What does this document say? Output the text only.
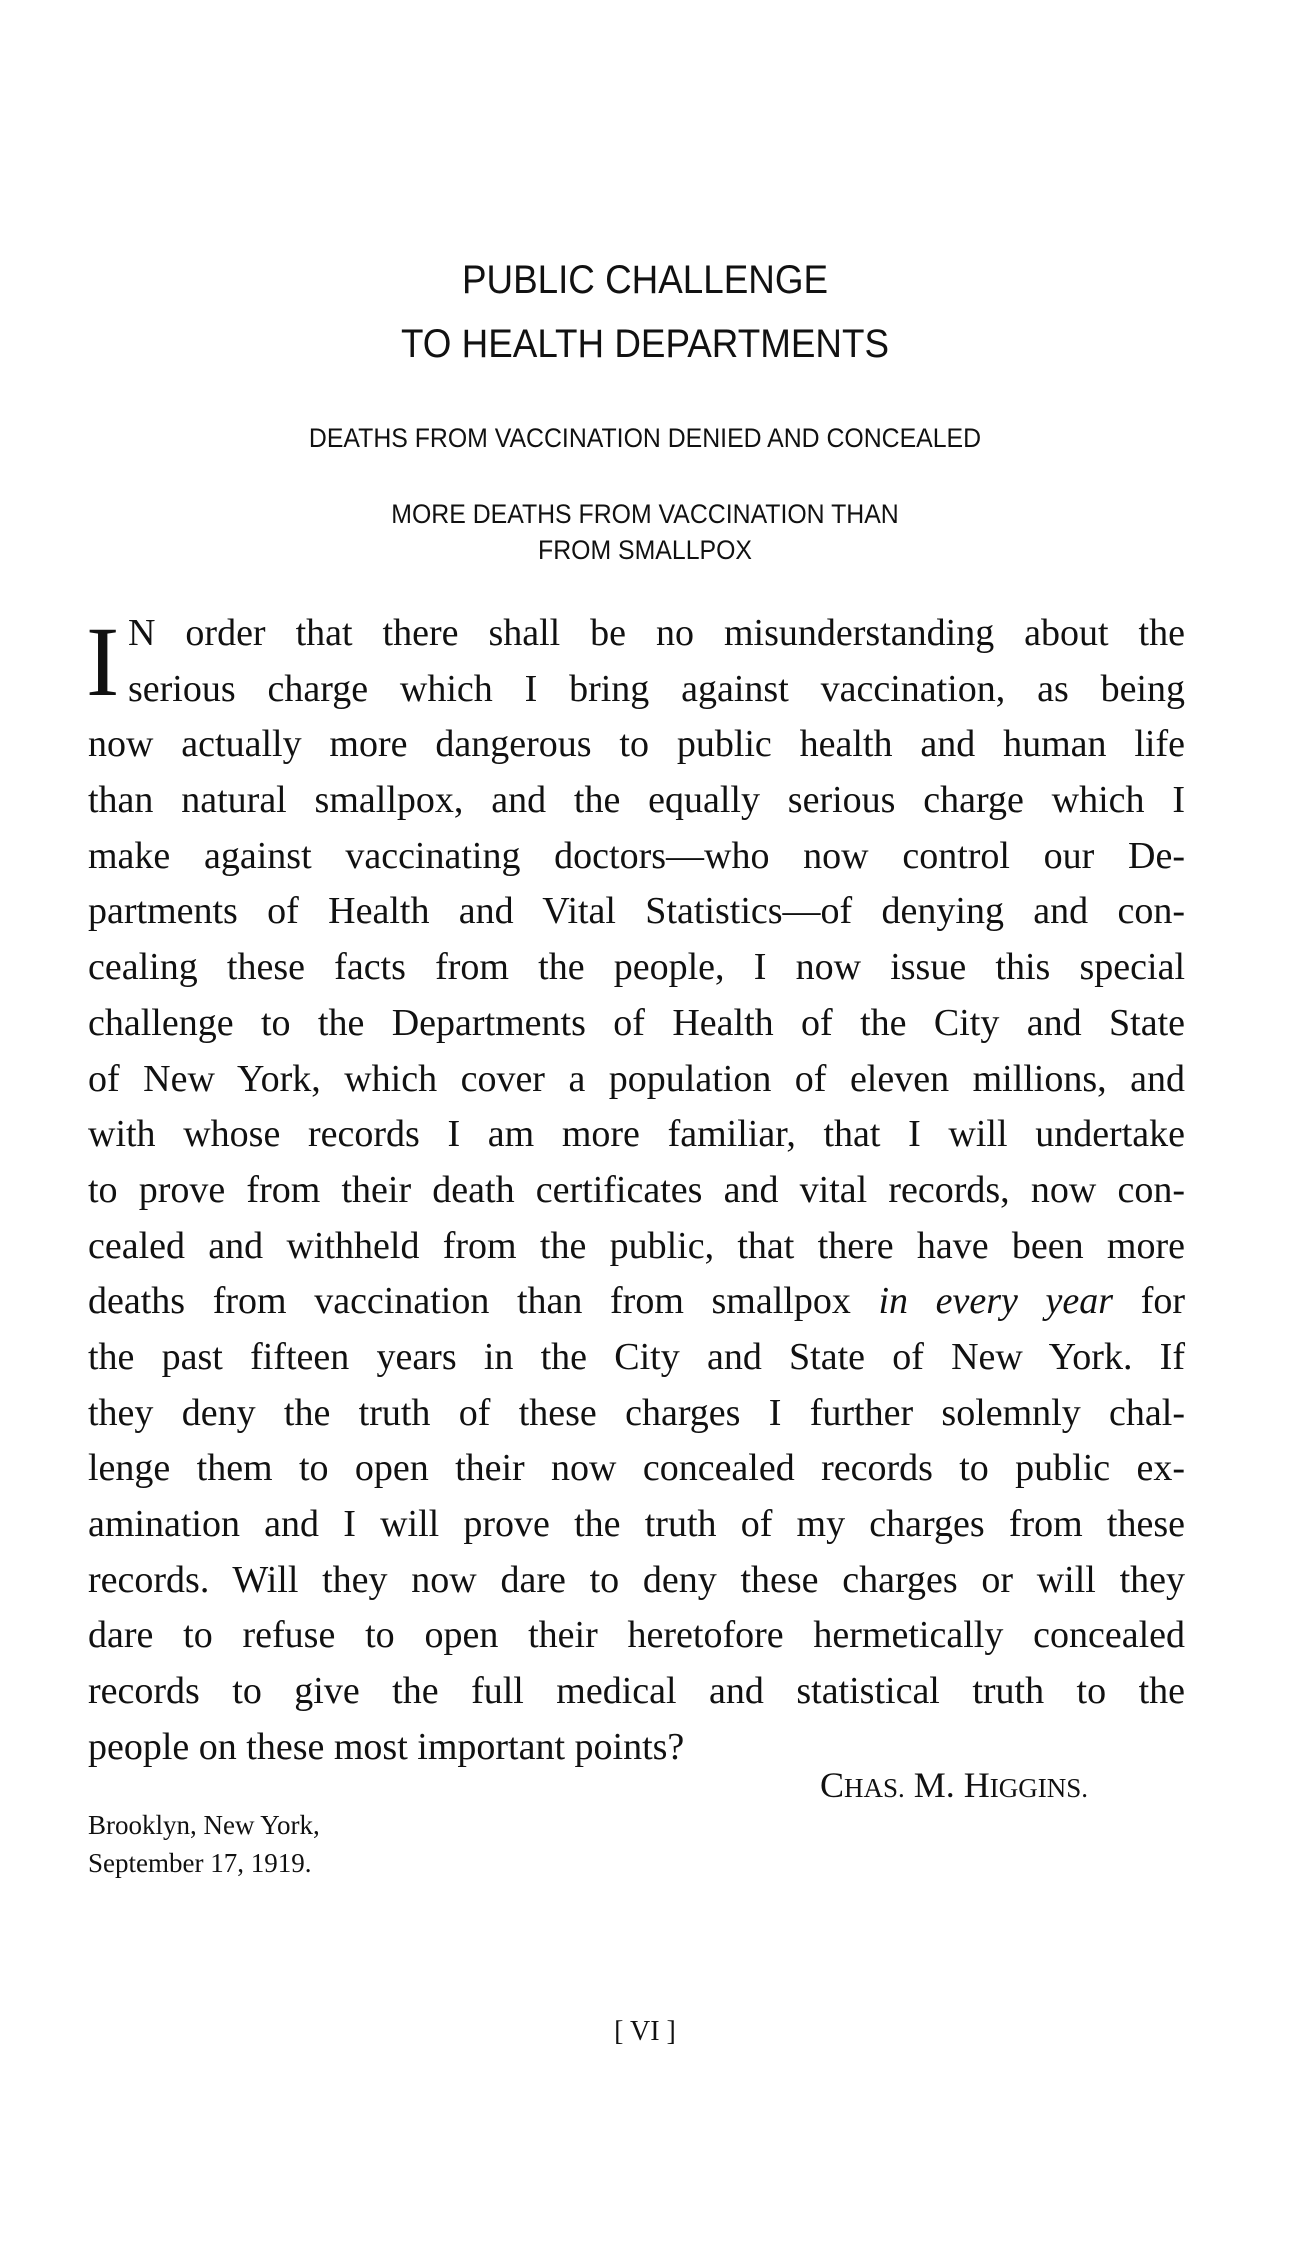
PUBLIC CHALLENGE
TO HEALTH DEPARTMENTS
DEATHS FROM VACCINATION DENIED AND CONCEALED
MORE DEATHS FROM VACCINATION THAN
FROM SMALLPOX
I N order that there shall be no misunderstanding about the
serious charge which I bring against vaccination, as being
now actually more dangerous to public health and human life
than natural smallpox, and the equally serious charge which I
make against vaccinating doctors—who now control our De-
partments of Health and Vital Statistics—of denying and con-
cealing these facts from the people, I now issue this special
challenge to the Departments of Health of the City and State
of New York, which cover a population of eleven millions, and
with whose records I am more familiar, that I will undertake
to prove from their death certificates and vital records, now con-
cealed and withheld from the public, that there have been more
deaths from vaccination than from smallpox in every year for
the past fifteen years in the City and State of New York. If
they deny the truth of these charges I further solemnly chal-
lenge them to open their now concealed records to public ex-
amination and I will prove the truth of my charges from these
records. Will they now dare to deny these charges or will they
dare to refuse to open their heretofore hermetically concealed
records to give the full medical and statistical truth to the
people on these most important points?
CHAS. M. HIGGINS.
Brooklyn, New York,
September 17, 1919.
[ VI ]
